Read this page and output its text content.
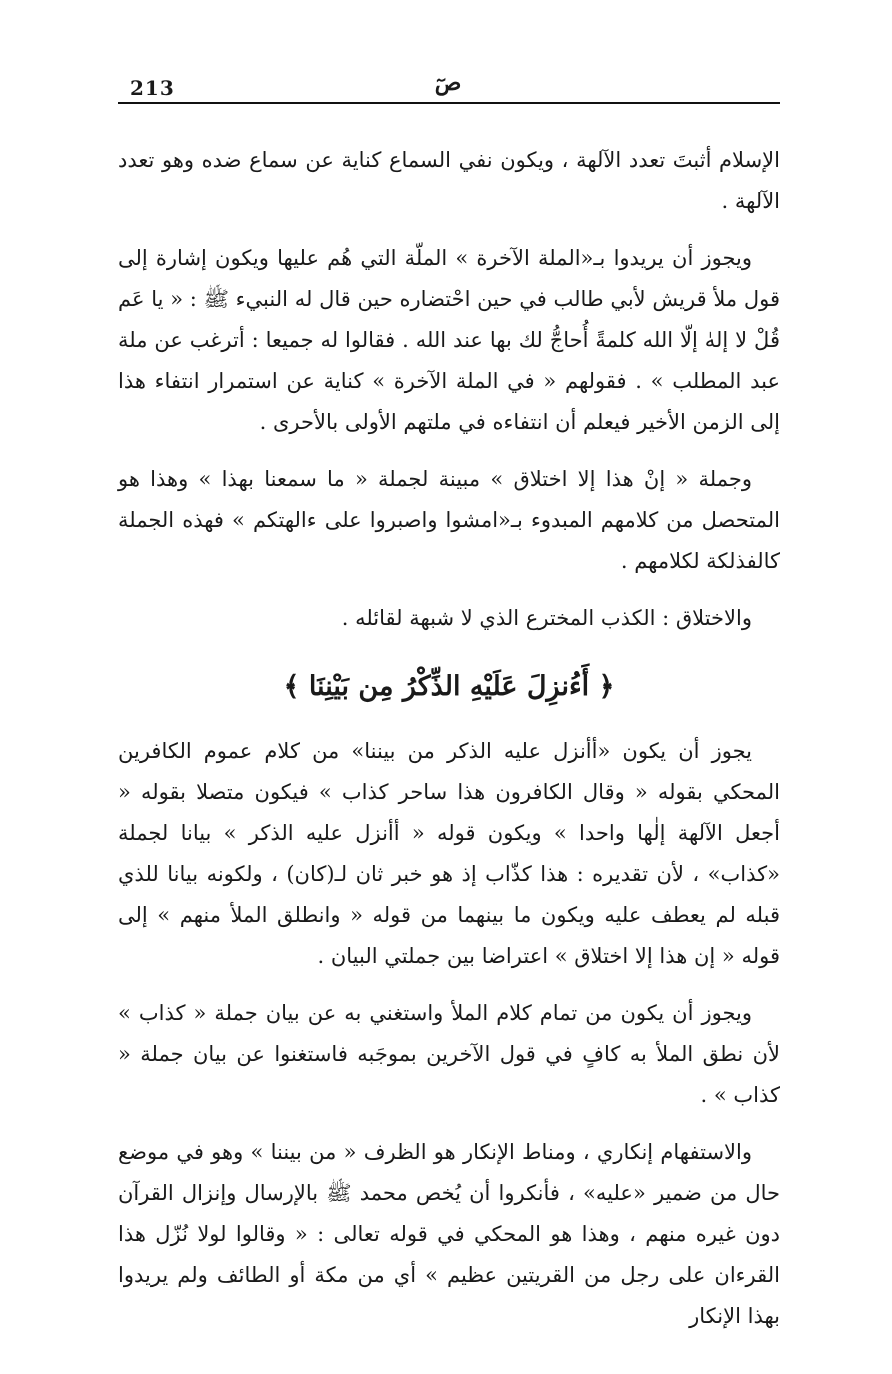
213	صٓ

الإسلام أثبتَ تعدد الآلهة ، ويكون نفي السماع كناية عن سماع ضده وهو تعدد الآلهة .

ويجوز أن يريدوا بـ«الملة الآخرة » الملّة التي هُم عليها ويكون إشارة إلى قول ملأ قريش لأبي طالب في حين احْتضاره حين قال له النبيء ﷺ : « يا عَم قُلْ لا إلهٰ إلّا الله كلمةً أُحاجُّ لك بها عند الله . فقالوا له جميعا : أترغب عن ملة عبد المطلب » . فقولهم « في الملة الآخرة » كناية عن استمرار انتفاء هذا إلى الزمن الأخير فيعلم أن انتفاءه في ملتهم الأولى بالأحرى .

وجملة « إنْ هذا إلا اختلاق » مبينة لجملة « ما سمعنا بهذا » وهذا هو المتحصل من كلامهم المبدوء بـ«امشوا واصبروا على ءالهتكم » فهذه الجملة كالفذلكة لكلامهم .

والاختلاق : الكذب المخترع الذي لا شبهة لقائله .

﴿ أَءُنزِلَ عَلَيْهِ الذِّكْرُ مِن بَيْنِنَا ﴾

يجوز أن يكون «أأنزل عليه الذكر من بيننا» من كلام عموم الكافرين المحكي بقوله « وقال الكافرون هذا ساحر كذاب » فيكون متصلا بقوله « أجعل الآلهة إلٰها واحدا » ويكون قوله « أأنزل عليه الذكر » بيانا لجملة «كذاب» ، لأن تقديره : هذا كذّاب إذ هو خبر ثان لـ(كان) ، ولكونه بيانا للذي قبله لم يعطف عليه ويكون ما بينهما من قوله « وانطلق الملأ منهم » إلى قوله « إن هذا إلا اختلاق » اعتراضا بين جملتي البيان .

ويجوز أن يكون من تمام كلام الملأ واستغني به عن بيان جملة « كذاب » لأن نطق الملأ به كافٍ في قول الآخرين بموجَبه فاستغنوا عن بيان جملة « كذاب » .

والاستفهام إنكاري ، ومناط الإنكار هو الظرف « من بيننا » وهو في موضع حال من ضمير «عليه» ، فأنكروا أن يُخص محمد ﷺ بالإرسال وإنزال القرآن دون غيره منهم ، وهذا هو المحكي في قوله تعالى : « وقالوا لولا نُزّل هذا القرءان على رجل من القريتين عظيم » أي من مكة أو الطائف ولم يريدوا بهذا الإنكار
